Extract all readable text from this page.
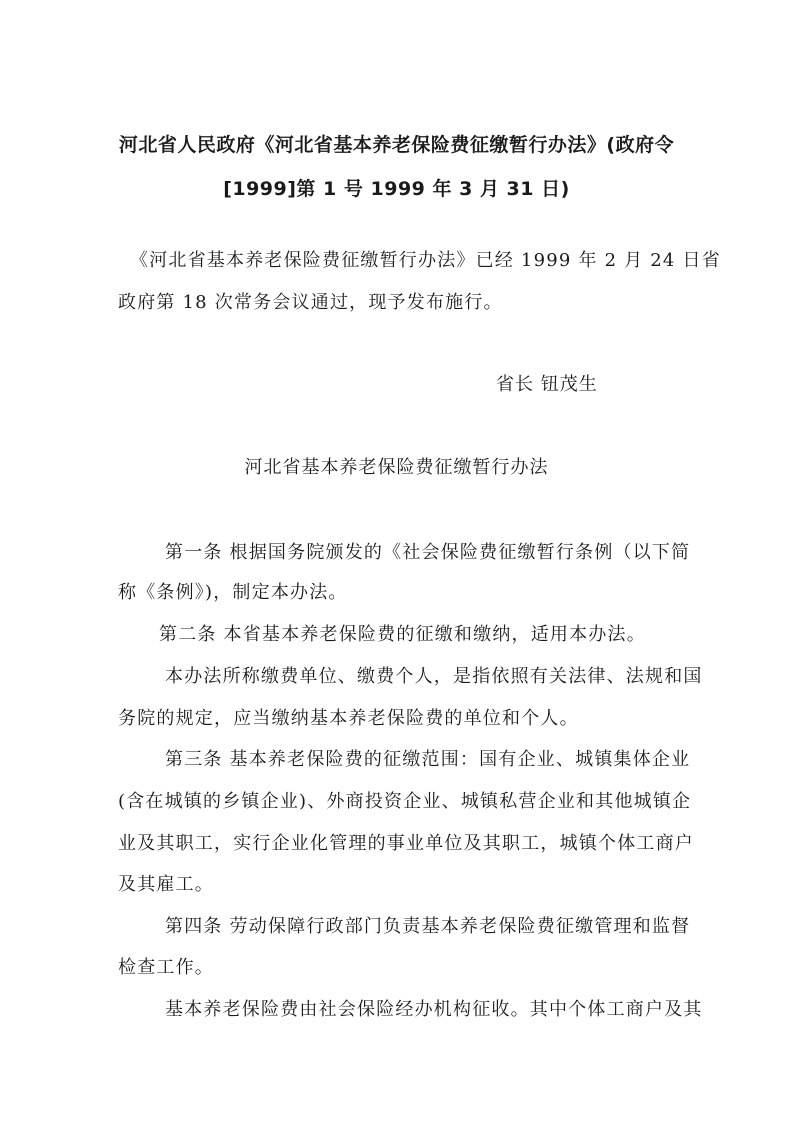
河北省人民政府《河北省基本养老保险费征缴暂行办法》(政府令
[1999]第 1 号 1999 年 3 月 31 日)
《河北省基本养老保险费征缴暂行办法》已经 1999 年 2 月 24 日省
政府第 18 次常务会议通过，现予发布施行。
省长 钮茂生
河北省基本养老保险费征缴暂行办法
第一条 根据国务院颁发的《社会保险费征缴暂行条例（以下简
称《条例》)，制定本办法。
第二条 本省基本养老保险费的征缴和缴纳，适用本办法。
本办法所称缴费单位、缴费个人，是指依照有关法律、法规和国
务院的规定，应当缴纳基本养老保险费的单位和个人。
第三条 基本养老保险费的征缴范围：国有企业、城镇集体企业
(含在城镇的乡镇企业)、外商投资企业、城镇私营企业和其他城镇企
业及其职工，实行企业化管理的事业单位及其职工，城镇个体工商户
及其雇工。
第四条 劳动保障行政部门负责基本养老保险费征缴管理和监督
检查工作。
基本养老保险费由社会保险经办机构征收。其中个体工商户及其
